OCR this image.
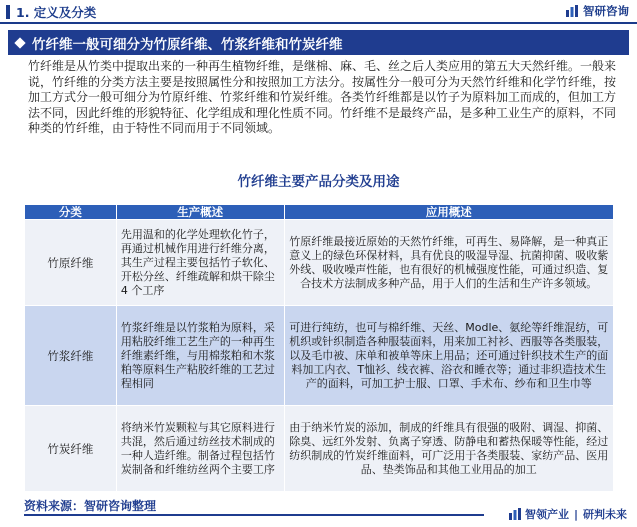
1. 定义及分类	智研咨询
竹纤维一般可细分为竹原纤维、竹浆纤维和竹炭纤维

竹纤维是从竹类中提取出来的一种再生植物纤维，是继棉、麻、毛、丝之后人类应用的第五大天然纤维。一般来说，竹纤维的分类方法主要是按照属性分和按照加工方法分。按属性分一般可分为天然竹纤维和化学竹纤维，按加工方式分一般可细分为竹原纤维、竹浆纤维和竹炭纤维。各类竹纤维都是以竹子为原料加工而成的，但加工方法不同，因此纤维的形貌特征、化学组成和理化性质不同。竹纤维不是最终产品，是多种工业生产的原料，不同种类的竹纤维，由于特性不同而用于不同领域。

竹纤维主要产品分类及用途
分类	生产概述	应用概述
竹原纤维	先用温和的化学处理软化竹子，再通过机械作用进行纤维分离，其生产过程主要包括竹子软化、开松分丝、纤维疏解和烘干除尘 4 个工序	竹原纤维最接近原始的天然竹纤维，可再生、易降解，是一种真正意义上的绿色环保材料，具有优良的吸湿导湿、抗菌抑菌、吸收紫外线、吸收噪声性能，也有很好的机械强度性能，可通过织造、复合技术方法制成多种产品，用于人们的生活和生产许多领域。
竹浆纤维	竹浆纤维是以竹浆粕为原料，采用粘胶纤维工艺生产的一种再生纤维素纤维，与用棉浆粕和木浆粕等原料生产粘胶纤维的工艺过程相同	可进行纯纺，也可与棉纤维、天丝、Modle、氨纶等纤维混纺，可机织或针织制造各种服装面料，用来加工衬衫、西服等各类服装，以及毛巾被、床单和被单等床上用品；还可通过针织技术生产的面料加工内衣、T恤衫、线衣裤、浴衣和睡衣等；通过非织造技术生产的面料，可加工护士服、口罩、手术布、纱布和卫生巾等
竹炭纤维	将纳米竹炭颗粒与其它原料进行共混，然后通过纺丝技术制成的一种人造纤维。制备过程包括竹炭制备和纤维纺丝两个主要工序	由于纳米竹炭的添加，制成的纤维具有很强的吸附、调湿、抑菌、除臭、远红外发射、负离子穿透、防静电和蓄热保暖等性能，经过纺织制成的竹炭纤维面料，可广泛用于各类服装、家纺产品、医用品、垫类饰品和其他工业用品的加工
资料来源：智研咨询整理
智领产业 | 研判未来
